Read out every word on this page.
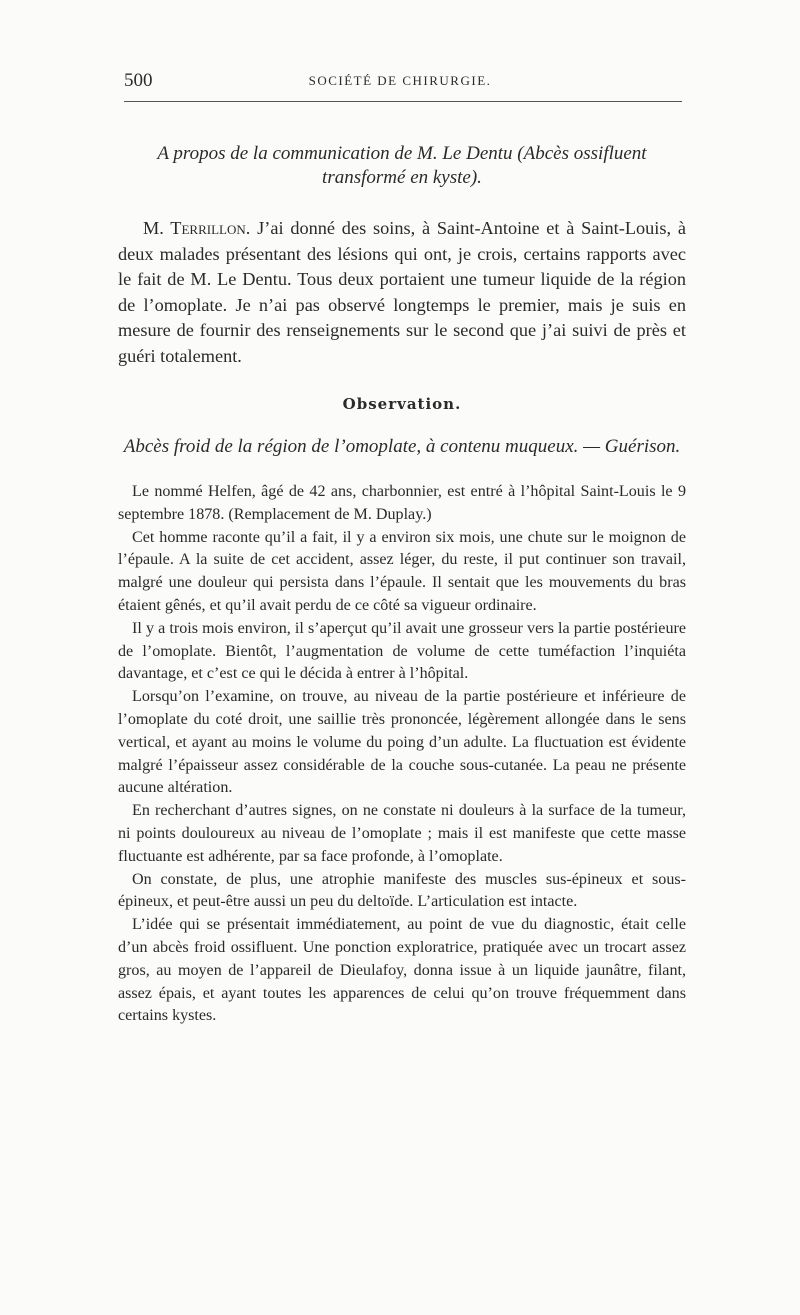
500	SOCIÉTÉ DE CHIRURGIE.

A propos de la communication de M. Le Dentu (Abcès ossifluent transformé en kyste).

M. Terrillon. J’ai donné des soins, à Saint-Antoine et à Saint-Louis, à deux malades présentant des lésions qui ont, je crois, certains rapports avec le fait de M. Le Dentu. Tous deux portaient une tumeur liquide de la région de l’omoplate. Je n’ai pas observé longtemps le premier, mais je suis en mesure de fournir des renseignements sur le second que j’ai suivi de près et guéri totalement.

Observation.

Abcès froid de la région de l’omoplate, à contenu muqueux. — Guérison.

Le nommé Helfen, âgé de 42 ans, charbonnier, est entré à l’hôpital Saint-Louis le 9 septembre 1878. (Remplacement de M. Duplay.)

Cet homme raconte qu’il a fait, il y a environ six mois, une chute sur le moignon de l’épaule. A la suite de cet accident, assez léger, du reste, il put continuer son travail, malgré une douleur qui persista dans l’épaule. Il sentait que les mouvements du bras étaient gênés, et qu’il avait perdu de ce côté sa vigueur ordinaire.

Il y a trois mois environ, il s’aperçut qu’il avait une grosseur vers la partie postérieure de l’omoplate. Bientôt, l’augmentation de volume de cette tuméfaction l’inquiéta davantage, et c’est ce qui le décida à entrer à l’hôpital.

Lorsqu’on l’examine, on trouve, au niveau de la partie postérieure et inférieure de l’omoplate du coté droit, une saillie très prononcée, légèrement allongée dans le sens vertical, et ayant au moins le volume du poing d’un adulte. La fluctuation est évidente malgré l’épaisseur assez considérable de la couche sous-cutanée. La peau ne présente aucune altération.

En recherchant d’autres signes, on ne constate ni douleurs à la surface de la tumeur, ni points douloureux au niveau de l’omoplate ; mais il est manifeste que cette masse fluctuante est adhérente, par sa face profonde, à l’omoplate.

On constate, de plus, une atrophie manifeste des muscles sus-épineux et sous-épineux, et peut-être aussi un peu du deltoïde. L’articulation est intacte.

L’idée qui se présentait immédiatement, au point de vue du diagnostic, était celle d’un abcès froid ossifluent. Une ponction exploratrice, pratiquée avec un trocart assez gros, au moyen de l’appareil de Dieulafoy, donna issue à un liquide jaunâtre, filant, assez épais, et ayant toutes les apparences de celui qu’on trouve fréquemment dans certains kystes.
